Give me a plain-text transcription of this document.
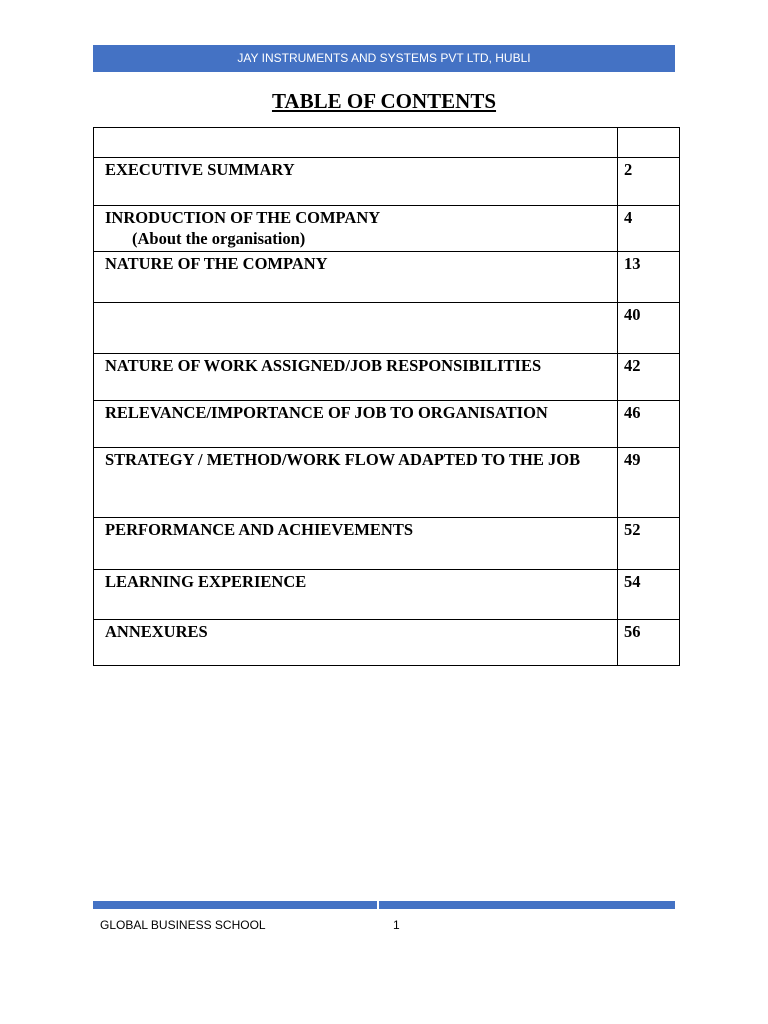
JAY INSTRUMENTS AND SYSTEMS PVT LTD, HUBLI
TABLE OF CONTENTS

EXECUTIVE SUMMARY	2

INRODUCTION OF THE COMPANY
(About the organisation)	4

NATURE OF THE COMPANY	13

	40

NATURE OF WORK ASSIGNED/JOB RESPONSIBILITIES	42

RELEVANCE/IMPORTANCE OF JOB TO ORGANISATION	46

STRATEGY / METHOD/WORK FLOW ADAPTED TO THE JOB	49

PERFORMANCE AND ACHIEVEMENTS	52

LEARNING EXPERIENCE	54

ANNEXURES	56
GLOBAL BUSINESS SCHOOL	1
